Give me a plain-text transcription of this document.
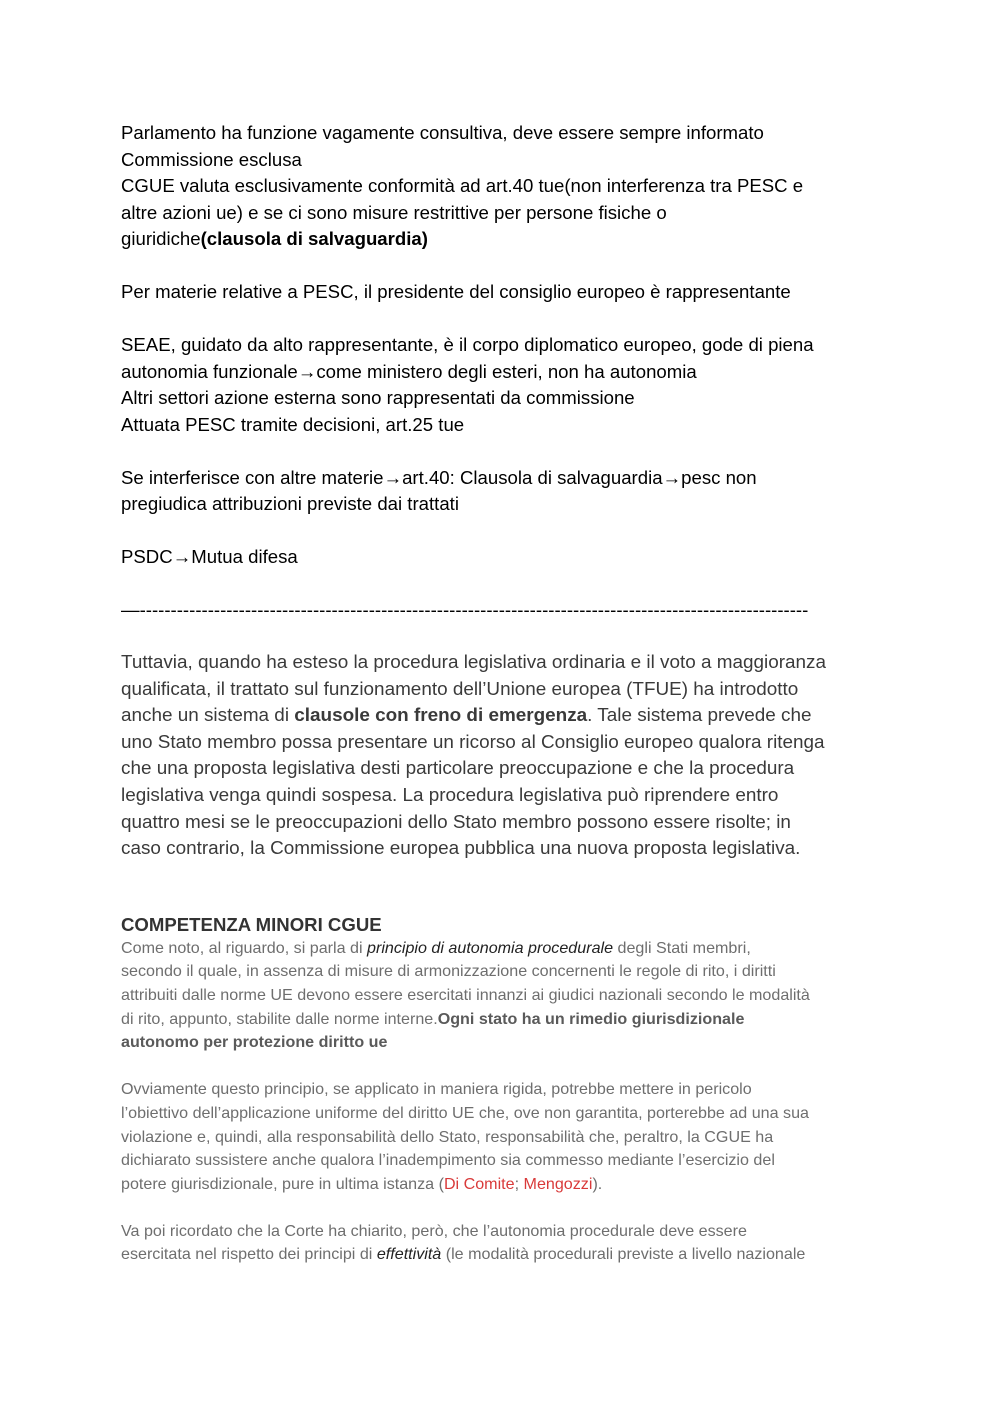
Parlamento ha funzione vagamente consultiva, deve essere sempre informato

Commissione esclusa

CGUE valuta esclusivamente conformità ad art.40 tue(non interferenza tra PESC e

altre azioni ue) e se ci sono misure restrittive per persone fisiche o

giuridiche(clausola di salvaguardia)

Per materie relative a PESC, il presidente del consiglio europeo è rappresentante

SEAE, guidato da alto rappresentante, è il corpo diplomatico europeo, gode di piena

autonomia funzionale→come ministero degli esteri, non ha autonomia

Altri settori azione esterna sono rappresentati da commissione

Attuata PESC tramite decisioni, art.25 tue

Se interferisce con altre materie→art.40: Clausola di salvaguardia→pesc non

pregiudica attribuzioni previste dai trattati

PSDC→Mutua difesa

—------------------------------------------------------------------------------------------------------------

Tuttavia, quando ha esteso la procedura legislativa ordinaria e il voto a maggioranza

qualificata, il trattato sul funzionamento dell’Unione europea (TFUE) ha introdotto

anche un sistema di clausole con freno di emergenza. Tale sistema prevede che

uno Stato membro possa presentare un ricorso al Consiglio europeo qualora ritenga

che una proposta legislativa desti particolare preoccupazione e che la procedura

legislativa venga quindi sospesa. La procedura legislativa può riprendere entro

quattro mesi se le preoccupazioni dello Stato membro possono essere risolte; in

caso contrario, la Commissione europea pubblica una nuova proposta legislativa.

COMPETENZA MINORI CGUE

Come noto, al riguardo, si parla di principio di autonomia procedurale degli Stati membri,

secondo il quale, in assenza di misure di armonizzazione concernenti le regole di rito, i diritti

attribuiti dalle norme UE devono essere esercitati innanzi ai giudici nazionali secondo le modalità

di rito, appunto, stabilite dalle norme interne.Ogni stato ha un rimedio giurisdizionale

autonomo per protezione diritto ue

Ovviamente questo principio, se applicato in maniera rigida, potrebbe mettere in pericolo

l’obiettivo dell’applicazione uniforme del diritto UE che, ove non garantita, porterebbe ad una sua

violazione e, quindi, alla responsabilità dello Stato, responsabilità che, peraltro, la CGUE ha

dichiarato sussistere anche qualora l’inadempimento sia commesso mediante l’esercizio del

potere giurisdizionale, pure in ultima istanza (Di Comite; Mengozzi).

Va poi ricordato che la Corte ha chiarito, però, che l’autonomia procedurale deve essere

esercitata nel rispetto dei principi di effettività (le modalità procedurali previste a livello nazionale
